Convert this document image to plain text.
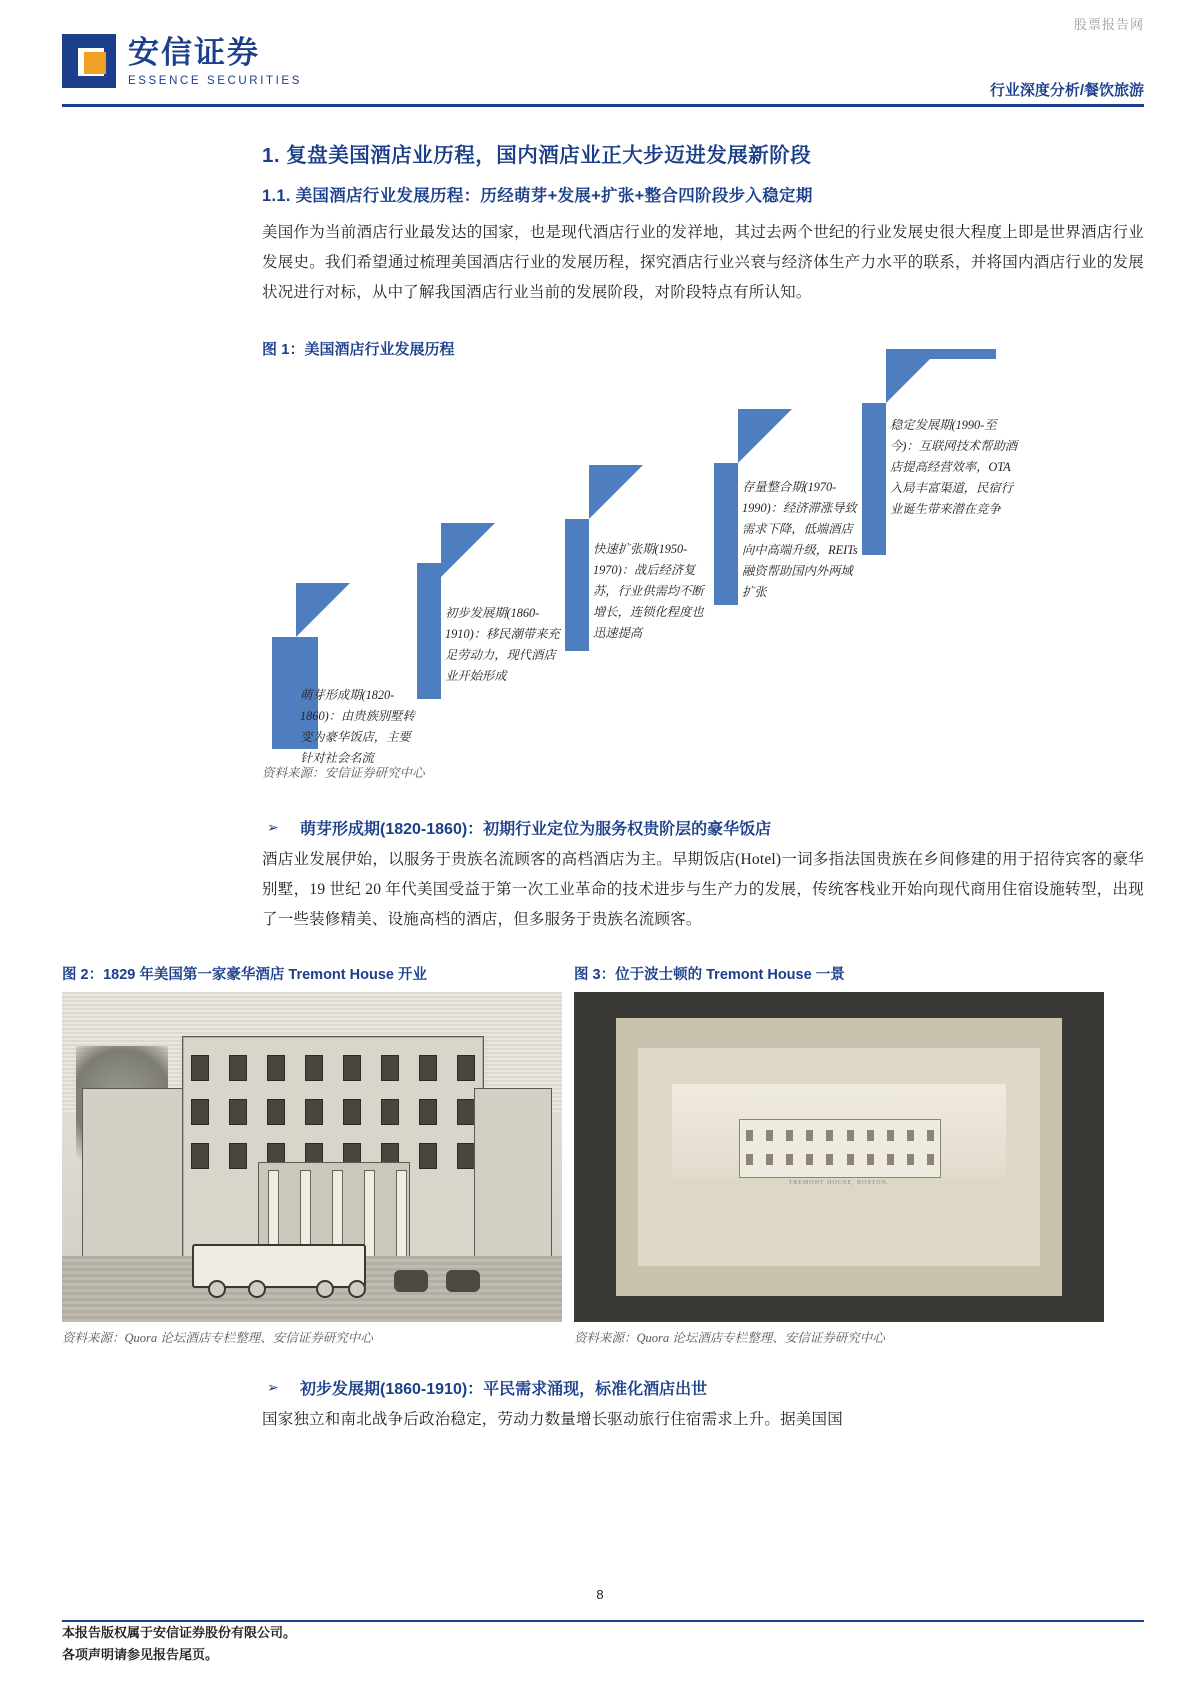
股票报告网
安信证券
ESSENCE SECURITIES
行业深度分析/餐饮旅游
1. 复盘美国酒店业历程，国内酒店业正大步迈进发展新阶段
1.1. 美国酒店行业发展历程：历经萌芽+发展+扩张+整合四阶段步入稳定期

美国作为当前酒店行业最发达的国家，也是现代酒店行业的发祥地，其过去两个世纪的行业发展史很大程度上即是世界酒店行业发展史。我们希望通过梳理美国酒店行业的发展历程，探究酒店行业兴衰与经济体生产力水平的联系，并将国内酒店行业的发展状况进行对标，从中了解我国酒店行业当前的发展阶段，对阶段特点有所认知。

图 1：美国酒店行业发展历程
萌芽形成期(1820-1860)：由贵族别墅转变为豪华饭店，主要针对社会名流
初步发展期(1860-1910)：移民潮带来充足劳动力，现代酒店业开始形成
快速扩张期(1950-1970)：战后经济复苏，行业供需均不断增长，连锁化程度也迅速提高
存量整合期(1970-1990)：经济滞涨导致需求下降，低端酒店向中高端升级，REITs融资帮助国内外两域扩张
稳定发展期(1990-至今)：互联网技术帮助酒店提高经营效率，OTA入局丰富渠道，民宿行业诞生带来潜在竞争
资料来源：安信证券研究中心
➢ 萌芽形成期(1820-1860)：初期行业定位为服务权贵阶层的豪华饭店

酒店业发展伊始，以服务于贵族名流顾客的高档酒店为主。早期饭店(Hotel)一词多指法国贵族在乡间修建的用于招待宾客的豪华别墅，19 世纪 20 年代美国受益于第一次工业革命的技术进步与生产力的发展，传统客栈业开始向现代商用住宿设施转型，出现了一些装修精美、设施高档的酒店，但多服务于贵族名流顾客。

图 2：1829 年美国第一家豪华酒店 Tremont House 开业	图 3：位于波士顿的 Tremont House 一景
TREMONT HOUSE, BOSTON.
资料来源：Quora 论坛酒店专栏整理、安信证券研究中心	资料来源：Quora 论坛酒店专栏整理、安信证券研究中心
➢ 初步发展期(1860-1910)：平民需求涌现，标准化酒店出世

国家独立和南北战争后政治稳定，劳动力数量增长驱动旅行住宿需求上升。据美国国

8
本报告版权属于安信证券股份有限公司。
各项声明请参见报告尾页。
